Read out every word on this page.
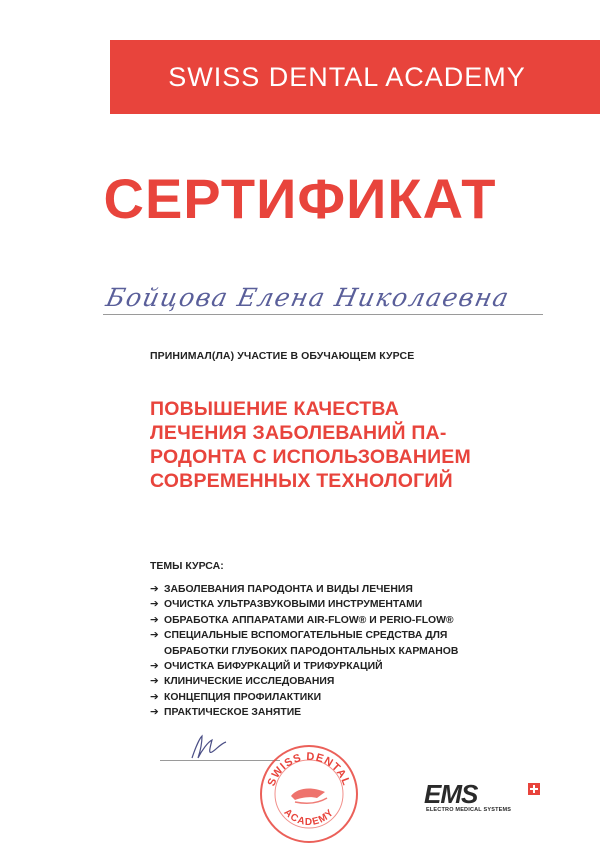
SWISS DENTAL ACADEMY
СЕРТИФИКАТ
Бойцова Елена Николаевна
ПРИНИМАЛ(ЛА) УЧАСТИЕ В ОБУЧАЮЩЕМ КУРСЕ
ПОВЫШЕНИЕ КАЧЕСТВА
ЛЕЧЕНИЯ ЗАБОЛЕВАНИЙ ПА-
РОДОНТА С ИСПОЛЬЗОВАНИЕМ
СОВРЕМЕННЫХ ТЕХНОЛОГИЙ
ТЕМЫ КУРСА:
➔ ЗАБОЛЕВАНИЯ ПАРОДОНТА И ВИДЫ ЛЕЧЕНИЯ
➔ ОЧИСТКА УЛЬТРАЗВУКОВЫМИ ИНСТРУМЕНТАМИ
➔ ОБРАБОТКА АППАРАТАМИ AIR-FLOW® И PERIO-FLOW®
➔ СПЕЦИАЛЬНЫЕ ВСПОМОГАТЕЛЬНЫЕ СРЕДСТВА ДЛЯ
ОБРАБОТКИ ГЛУБОКИХ ПАРОДОНТАЛЬНЫХ КАРМАНОВ
➔ ОЧИСТКА БИФУРКАЦИЙ И ТРИФУРКАЦИЙ
➔ КЛИНИЧЕСКИЕ ИССЛЕДОВАНИЯ
➔ КОНЦЕПЦИЯ ПРОФИЛАКТИКИ
➔ ПРАКТИЧЕСКОЕ ЗАНЯТИЕ
SWISS DENTAL
ACADEMY
EMS
ELECTRO MEDICAL SYSTEMS
